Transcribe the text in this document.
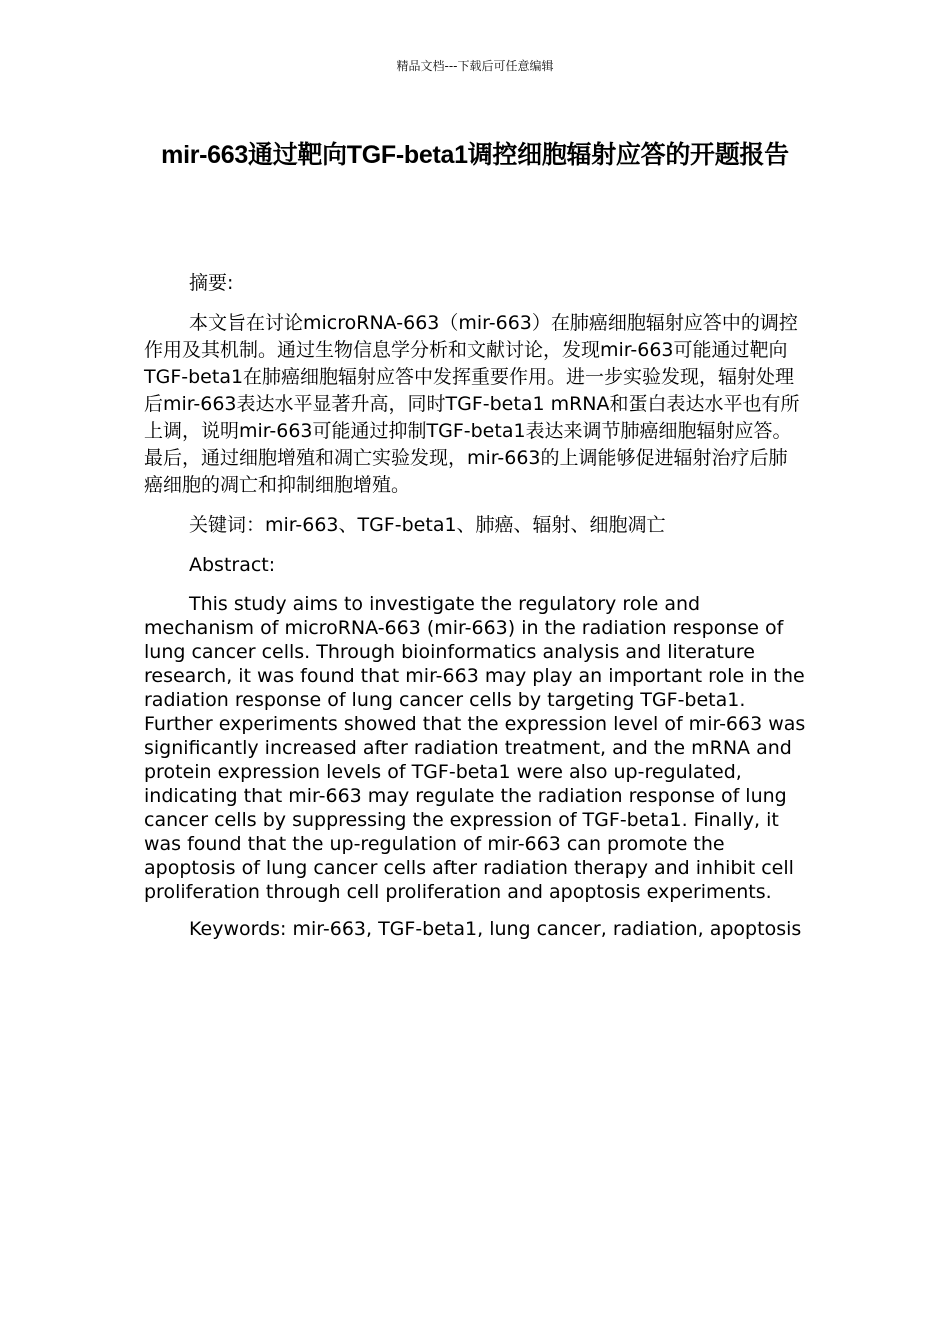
精品文档---下载后可任意编辑
mir-663通过靶向TGF-beta1调控细胞辐射应答的开题报告

摘要:

本文旨在讨论microRNA-663（mir-663）在肺癌细胞辐射应答中的调控作用及其机制。通过生物信息学分析和文献讨论，发现mir-663可能通过靶向TGF-beta1在肺癌细胞辐射应答中发挥重要作用。进一步实验发现，辐射处理后mir-663表达水平显著升高，同时TGF-beta1 mRNA和蛋白表达水平也有所上调，说明mir-663可能通过抑制TGF-beta1表达来调节肺癌细胞辐射应答。最后，通过细胞增殖和凋亡实验发现，mir-663的上调能够促进辐射治疗后肺癌细胞的凋亡和抑制细胞增殖。

关键词：mir-663、TGF-beta1、肺癌、辐射、细胞凋亡

Abstract:

This study aims to investigate the regulatory role and mechanism of microRNA-663 (mir-663) in the radiation response of lung cancer cells. Through bioinformatics analysis and literature research, it was found that mir-663 may play an important role in the radiation response of lung cancer cells by targeting TGF-beta1. Further experiments showed that the expression level of mir-663 was significantly increased after radiation treatment, and the mRNA and protein expression levels of TGF-beta1 were also up-regulated, indicating that mir-663 may regulate the radiation response of lung cancer cells by suppressing the expression of TGF-beta1. Finally, it was found that the up-regulation of mir-663 can promote the apoptosis of lung cancer cells after radiation therapy and inhibit cell proliferation through cell proliferation and apoptosis experiments.

Keywords: mir-663, TGF-beta1, lung cancer, radiation, apoptosis
